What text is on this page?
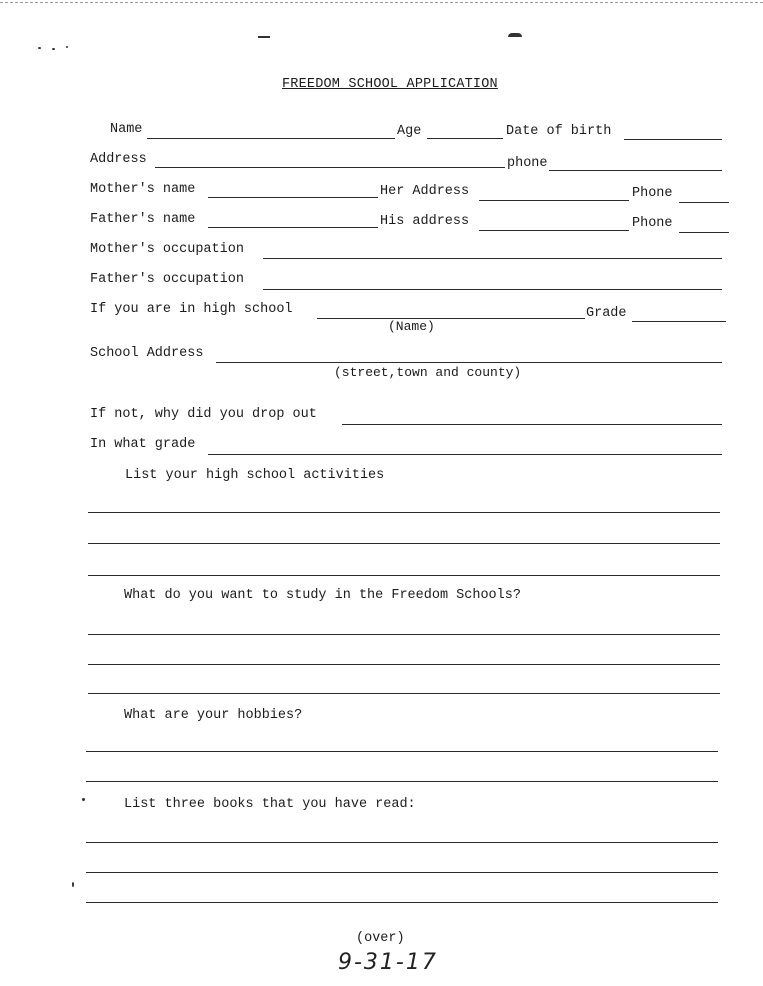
FREEDOM SCHOOL APPLICATION
Name	Age	Date of birth
Address	phone
Mother's name	Her Address	Phone
Father's name	His address	Phone
Mother's occupation
Father's occupation
If you are in high school
(Name)
Grade
School Address
(street,town and county)
If not, why did you drop out
In what grade
List your high school activities
What do you want to study in the Freedom Schools?
What are your hobbies?
List three books that you have read:
(over)
9-31-17
